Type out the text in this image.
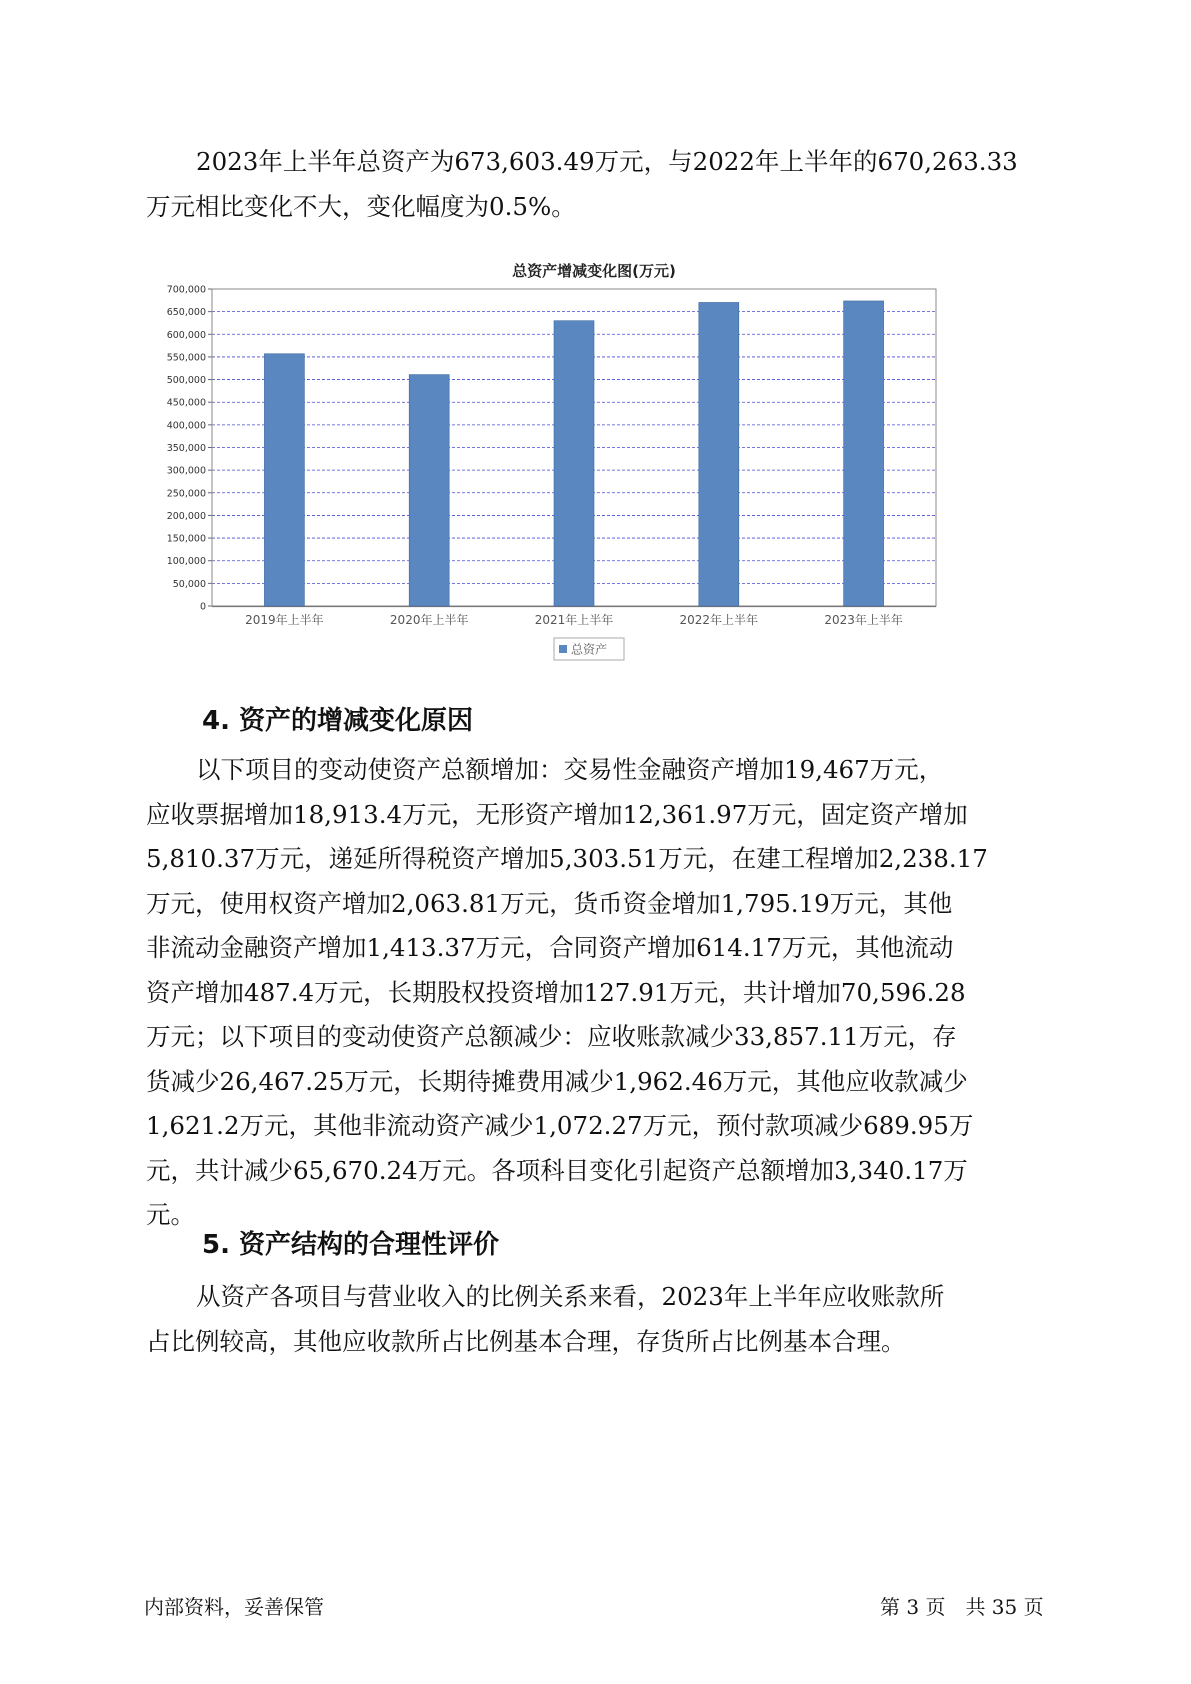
2023年上半年总资产为673,603.49万元，与2022年上半年的670,263.33
万元相比变化不大，变化幅度为0.5%。
总资产增减变化图(万元)
0
50,000
100,000
150,000
200,000
250,000
300,000
350,000
400,000
450,000
500,000
550,000
600,000
650,000
700,000
2019年上半年	2020年上半年	2021年上半年	2022年上半年	2023年上半年
总资产
4. 资产的增减变化原因
以下项目的变动使资产总额增加：交易性金融资产增加19,467万元，
应收票据增加18,913.4万元，无形资产增加12,361.97万元，固定资产增加
5,810.37万元，递延所得税资产增加5,303.51万元，在建工程增加2,238.17
万元，使用权资产增加2,063.81万元，货币资金增加1,795.19万元，其他
非流动金融资产增加1,413.37万元，合同资产增加614.17万元，其他流动
资产增加487.4万元，长期股权投资增加127.91万元，共计增加70,596.28
万元；以下项目的变动使资产总额减少：应收账款减少33,857.11万元，存
货减少26,467.25万元，长期待摊费用减少1,962.46万元，其他应收款减少
1,621.2万元，其他非流动资产减少1,072.27万元，预付款项减少689.95万
元，共计减少65,670.24万元。各项科目变化引起资产总额增加3,340.17万
元。
5. 资产结构的合理性评价
从资产各项目与营业收入的比例关系来看，2023年上半年应收账款所
占比例较高，其他应收款所占比例基本合理，存货所占比例基本合理。
内部资料，妥善保管	第 3 页　共 35 页
